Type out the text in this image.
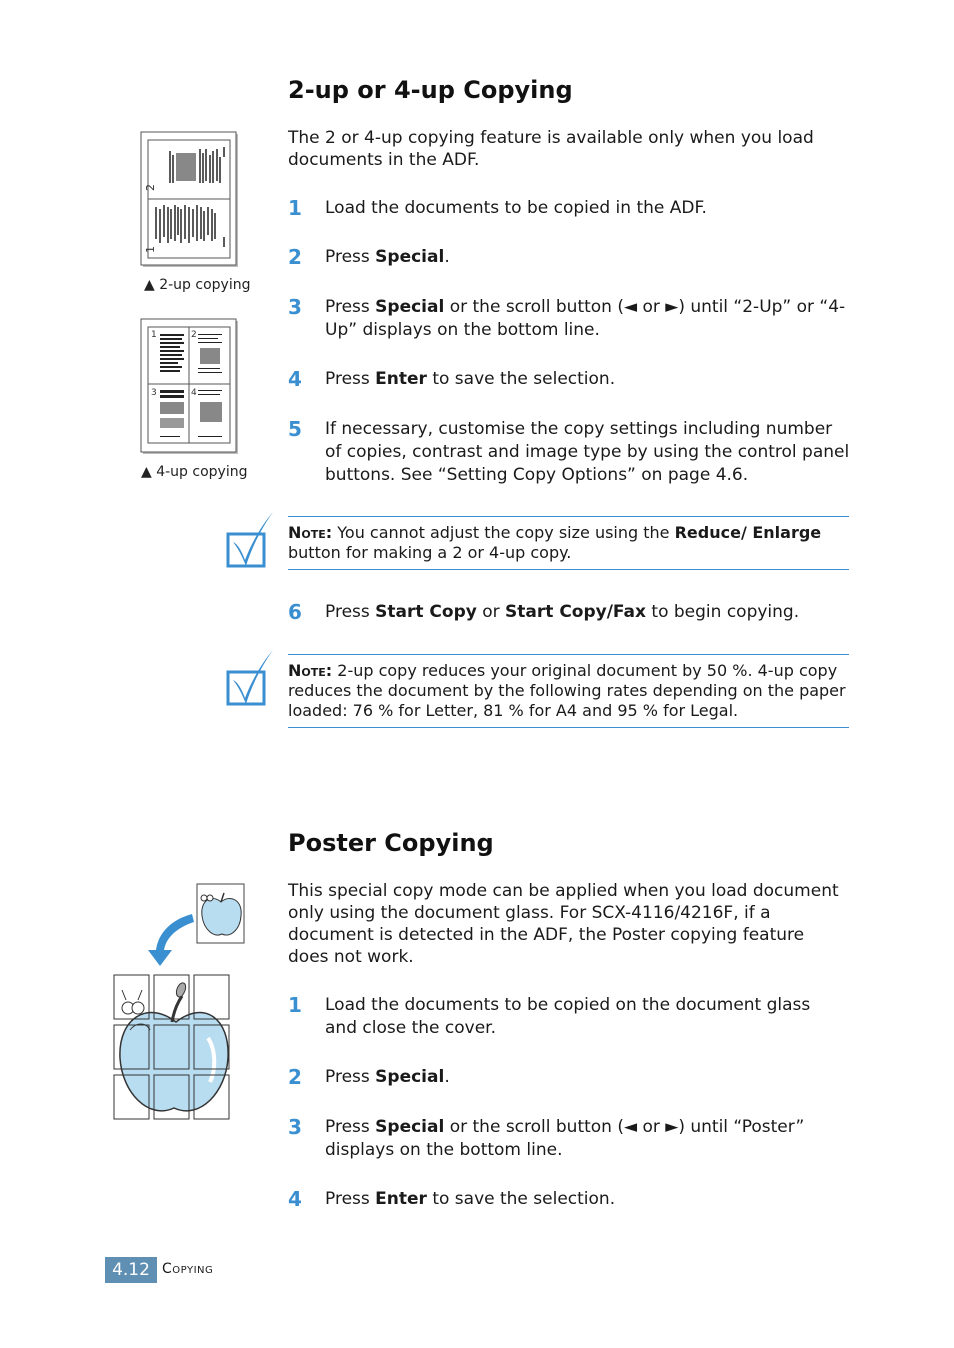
2-up or 4-up Copying

The 2 or 4-up copying feature is available only when you load documents in the ADF.

2
1
▲ 2-up copying
1	2
3	4
▲ 4-up copying
1 Load the documents to be copied in the ADF.
2 Press Special.
3 Press Special or the scroll button (◄ or ►) until “2-Up” or “4-Up” displays on the bottom line.
4 Press Enter to save the selection.
5 If necessary, customise the copy settings including number of copies, contrast and image type by using the control panel buttons. See “Setting Copy Options” on page 4.6.
Note: You cannot adjust the copy size using the Reduce/ Enlarge button for making a 2 or 4-up copy.
6 Press Start Copy or Start Copy/Fax to begin copying.
Note: 2-up copy reduces your original document by 50 %. 4-up copy reduces the document by the following rates depending on the paper loaded: 76 % for Letter, 81 % for A4 and 95 % for Legal.
Poster Copying

This special copy mode can be applied when you load document only using the document glass. For SCX-4116/4216F, if a document is detected in the ADF, the Poster copying feature does not work.

1 Load the documents to be copied on the document glass and close the cover.
2 Press Special.
3 Press Special or the scroll button (◄ or ►) until “Poster” displays on the bottom line.
4 Press Enter to save the selection.
4.12 Copying
